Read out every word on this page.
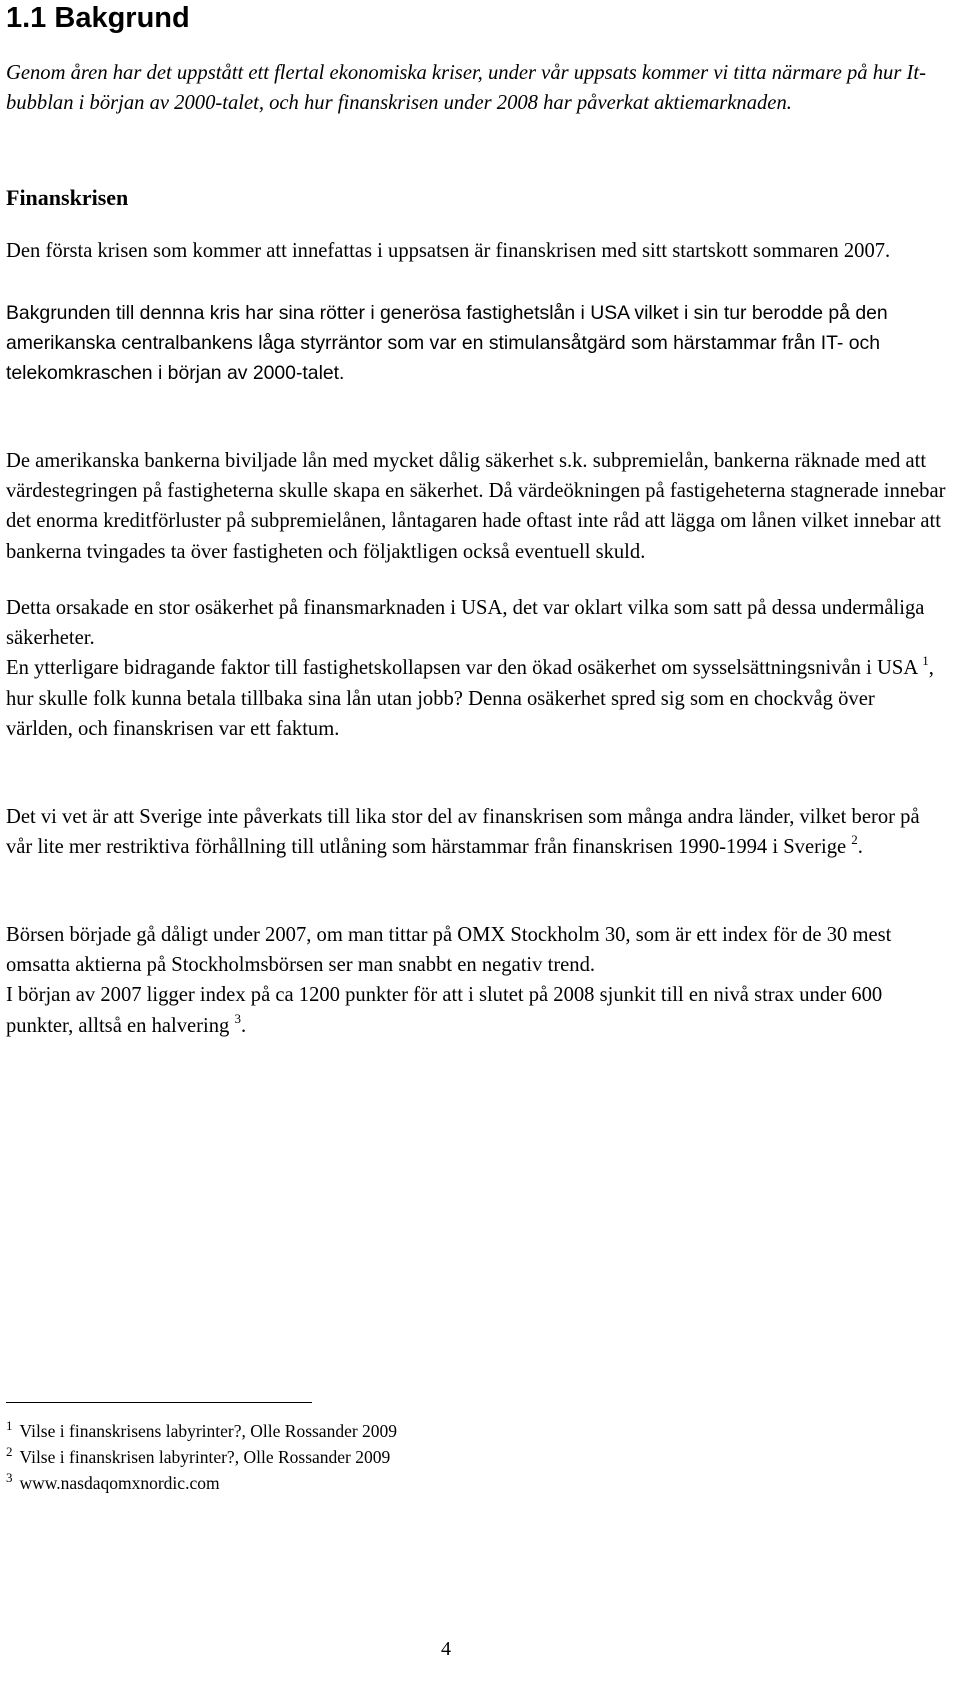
1.1 Bakgrund

Genom åren har det uppstått ett flertal ekonomiska kriser, under vår uppsats kommer vi titta närmare på hur It-bubblan i början av 2000-talet, och hur finanskrisen under 2008 har påverkat aktiemarknaden.

Finanskrisen

Den första krisen som kommer att innefattas i uppsatsen är finanskrisen med sitt startskott sommaren 2007.

Bakgrunden till dennna kris har sina rötter i generösa fastighetslån i USA vilket i sin tur berodde på den amerikanska centralbankens låga styrräntor som var en stimulansåtgärd som härstammar från IT- och telekomkraschen i början av 2000-talet.

De amerikanska bankerna biviljade lån med mycket dålig säkerhet s.k. subpremielån, bankerna räknade med att värdestegringen på fastigheterna skulle skapa en säkerhet. Då värdeökningen på fastigeheterna stagnerade innebar det enorma kreditförluster på subpremielånen, låntagaren hade oftast inte råd att lägga om lånen vilket innebar att bankerna tvingades ta över fastigheten och följaktligen också eventuell skuld.

Detta orsakade en stor osäkerhet på finansmarknaden i USA, det var oklart vilka som satt på dessa undermåliga säkerheter.
En ytterligare bidragande faktor till fastighetskollapsen var den ökad osäkerhet om sysselsättningsnivån i USA $^1$, hur skulle folk kunna betala tillbaka sina lån utan jobb? Denna osäkerhet spred sig som en chockvåg över världen, och finanskrisen var ett faktum.

Det vi vet är att Sverige inte påverkats till lika stor del av finanskrisen som många andra länder, vilket beror på vår lite mer restriktiva förhållning till utlåning som härstammar från finanskrisen 1990-1994 i Sverige $^2$.

Börsen började gå dåligt under 2007, om man tittar på OMX Stockholm 30, som är ett index för de 30 mest omsatta aktierna på Stockholmsbörsen ser man snabbt en negativ trend.
I början av 2007 ligger index på ca 1200 punkter för att i slutet på 2008 sjunkit till en nivå strax under 600 punkter, alltså en halvering $^3$.
$^1$ Vilse i finanskrisens labyrinter?, Olle Rossander 2009
$^2$ Vilse i finanskrisen labyrinter?, Olle Rossander 2009
$^3$ www.nasdaqomxnordic.com
4
